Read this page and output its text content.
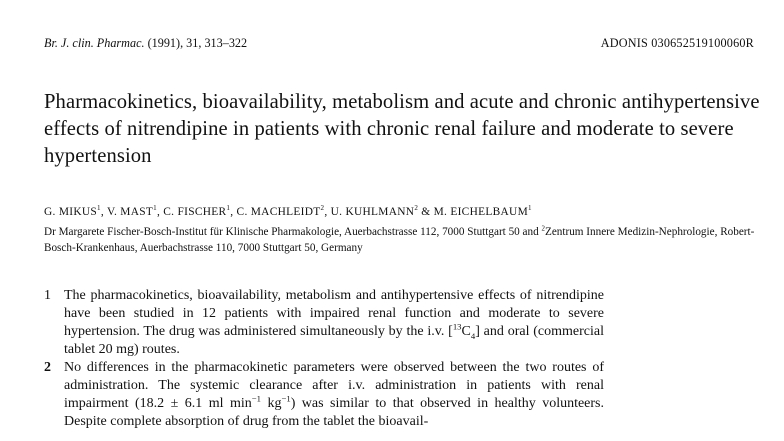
Br. J. clin. Pharmac. (1991), 31, 313–322	ADONIS 030652519100060R
Pharmacokinetics, bioavailability, metabolism and acute and chronic antihypertensive effects of nitrendipine in patients with chronic renal failure and moderate to severe hypertension
G. MIKUS$^1$, V. MAST$^1$, C. FISCHER$^1$, C. MACHLEIDT$^2$, U. KUHLMANN$^2$ & M. EICHELBAUM$^1$
Dr Margarete Fischer-Bosch-Institut für Klinische Pharmakologie, Auerbachstrasse 112, 7000 Stuttgart 50 and $^2$Zentrum Innere Medizin-Nephrologie, Robert-Bosch-Krankenhaus, Auerbachstrasse 110, 7000 Stuttgart 50, Germany

1 The pharmacokinetics, bioavailability, metabolism and antihypertensive effects of nitrendipine have been studied in 12 patients with impaired renal function and moderate to severe hypertension. The drug was administered simultaneously by the i.v. $[^{13}C_4]$ and oral (commercial tablet 20 mg) routes.

2 No differences in the pharmacokinetic parameters were observed between the two routes of administration. The systemic clearance after i.v. administration in patients with renal impairment (18.2 ± 6.1 ml $\min^{-1} kg^{-1}$) was similar to that observed in healthy volunteers. Despite complete absorption of drug from the tablet the bioavail-
